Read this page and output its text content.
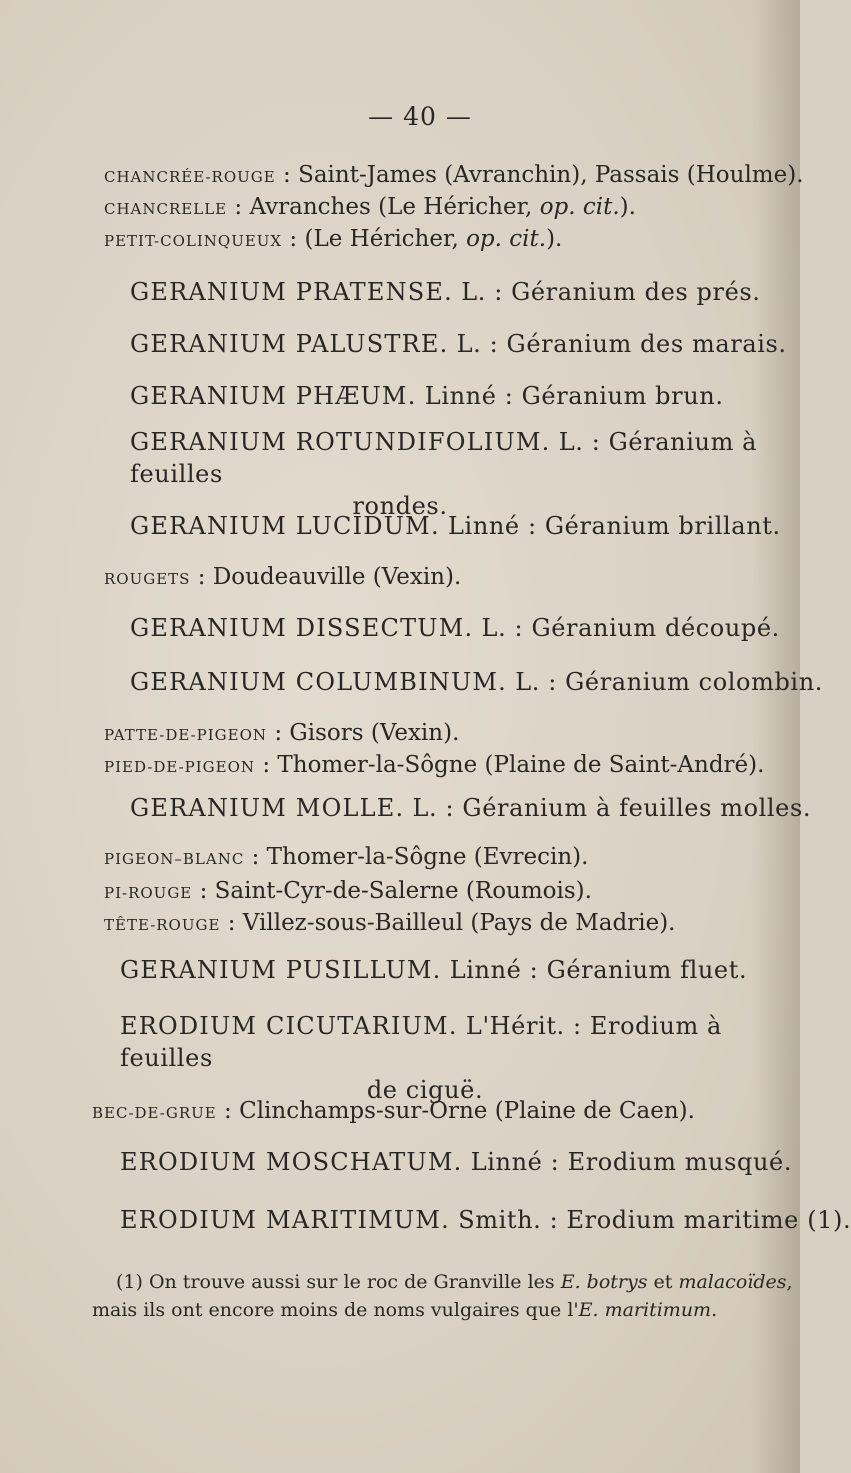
— 40 —
CHANCRÉE-ROUGE : Saint-James (Avranchin), Passais (Houlme).
CHANCRELLE : Avranches (Le Héricher, op. cit.).
PETIT-COLINQUEUX : (Le Héricher, op. cit.).
GERANIUM PRATENSE. L. : Géranium des prés.
GERANIUM PALUSTRE. L. : Géranium des marais.
GERANIUM PHÆUM. Linné : Géranium brun.
GERANIUM ROTUNDIFOLIUM. L. : Géranium à feuilles
rondes.
GERANIUM LUCIDUM. Linné : Géranium brillant.
ROUGETS : Doudeauville (Vexin).
GERANIUM DISSECTUM. L. : Géranium découpé.
GERANIUM COLUMBINUM. L. : Géranium colombin.
PATTE-DE-PIGEON : Gisors (Vexin).
PIED-DE-PIGEON : Thomer-la-Sôgne (Plaine de Saint-André).
GERANIUM MOLLE. L. : Géranium à feuilles molles.
PIGEON–BLANC : Thomer-la-Sôgne (Evrecin).
PI-ROUGE : Saint-Cyr-de-Salerne (Roumois).
TÊTE-ROUGE : Villez-sous-Bailleul (Pays de Madrie).
GERANIUM PUSILLUM. Linné : Géranium fluet.
ERODIUM CICUTARIUM. L'Hérit. : Erodium à feuilles
de ciguë.
BEC-DE-GRUE : Clinchamps-sur-Orne (Plaine de Caen).
ERODIUM MOSCHATUM. Linné : Erodium musqué.
ERODIUM MARITIMUM. Smith. : Erodium maritime (1).
(1) On trouve aussi sur le roc de Granville les E. botrys et malacoïdes,
mais ils ont encore moins de noms vulgaires que l'E. maritimum.
